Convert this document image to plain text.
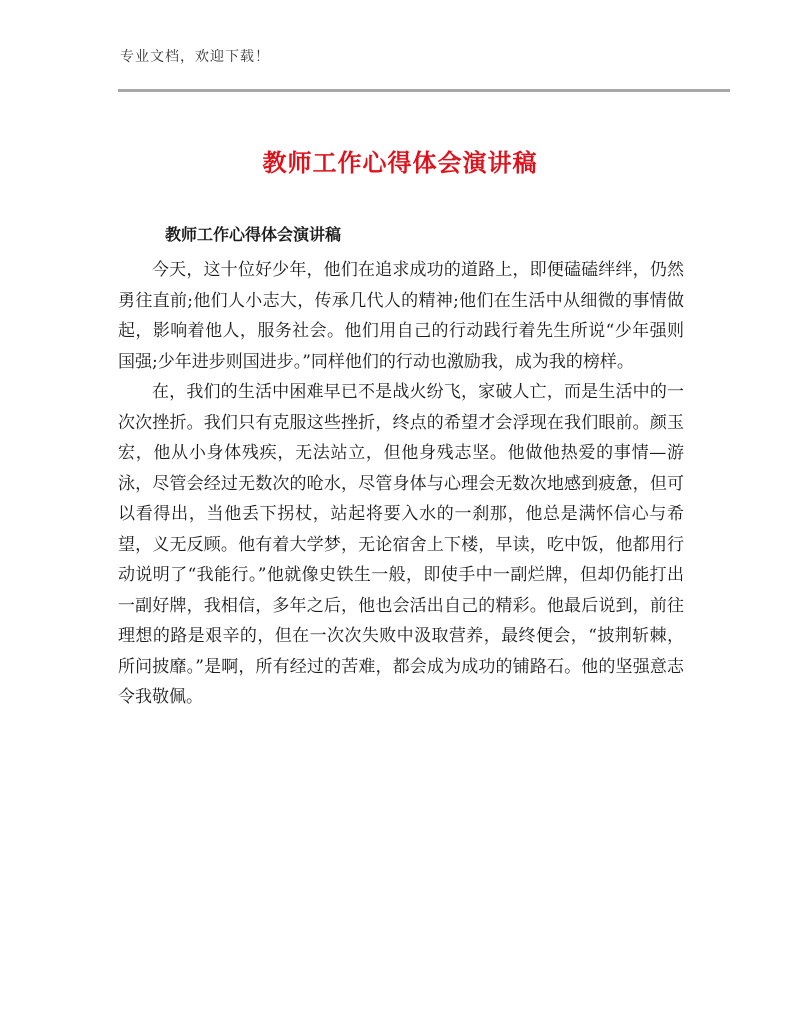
专业文档，欢迎下载！
教师工作心得体会演讲稿
教师工作心得体会演讲稿

今天，这十位好少年，他们在追求成功的道路上，即便磕磕绊绊，仍然勇往直前;他们人小志大，传承几代人的精神;他们在生活中从细微的事情做起，影响着他人，服务社会。他们用自己的行动践行着先生所说“少年强则国强;少年进步则国进步。”同样他们的行动也激励我，成为我的榜样。

在，我们的生活中困难早已不是战火纷飞，家破人亡，而是生活中的一次次挫折。我们只有克服这些挫折，终点的希望才会浮现在我们眼前。颜玉宏，他从小身体残疾，无法站立，但他身残志坚。他做他热爱的事情—游泳，尽管会经过无数次的呛水，尽管身体与心理会无数次地感到疲惫，但可以看得出，当他丢下拐杖，站起将要入水的一刹那，他总是满怀信心与希望，义无反顾。他有着大学梦，无论宿舍上下楼，早读，吃中饭，他都用行动说明了“我能行。”他就像史铁生一般，即使手中一副烂牌，但却仍能打出一副好牌，我相信，多年之后，他也会活出自己的精彩。他最后说到，前往理想的路是艰辛的，但在一次次失败中汲取营养，最终便会，“披荆斩棘，所问披靡。”是啊，所有经过的苦难，都会成为成功的铺路石。他的坚强意志令我敬佩。
